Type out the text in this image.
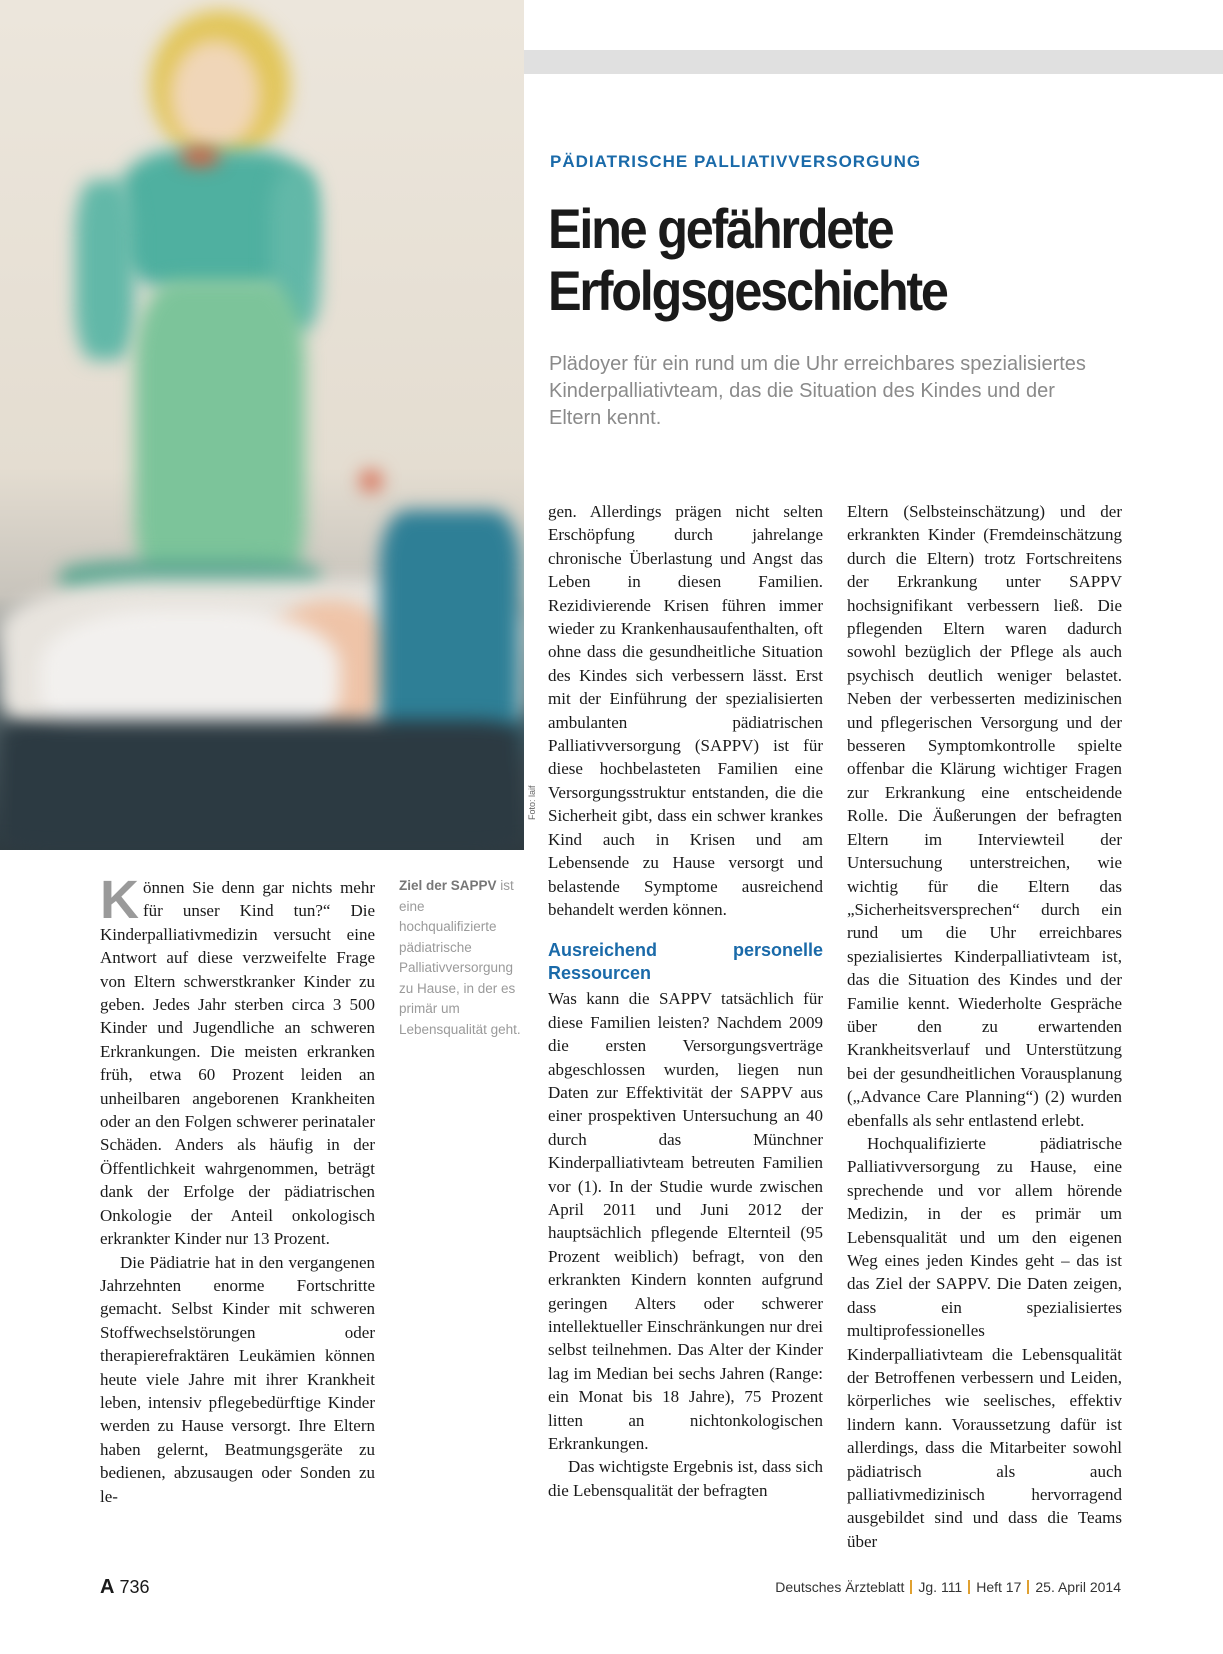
Foto: laif
PÄDIATRISCHE PALLIATIVVERSORGUNG
Eine gefährdete
Erfolgsgeschichte
Plädoyer für ein rund um die Uhr erreichbares spezialisiertes Kinderpalliativteam, das die Situation des Kindes und der Eltern kennt.

Können Sie denn gar nichts mehr für unser Kind tun?“ Die Kinderpalliativmedizin versucht eine Antwort auf diese verzweifelte Frage von Eltern schwerstkranker Kinder zu geben. Jedes Jahr sterben circa 3 500 Kinder und Jugendliche an schweren Erkrankungen. Die meisten erkranken früh, etwa 60 Prozent leiden an unheilbaren angeborenen Krankheiten oder an den Folgen schwerer perinataler Schäden. Anders als häufig in der Öffentlichkeit wahrgenommen, beträgt dank der Erfolge der pädiatrischen Onkologie der Anteil onkologisch erkrankter Kinder nur 13 Prozent.

Die Pädiatrie hat in den vergangenen Jahrzehnten enorme Fortschritte gemacht. Selbst Kinder mit schweren Stoffwechselstörungen oder therapierefraktären Leukämien können heute viele Jahre mit ihrer Krankheit leben, intensiv pflegebedürftige Kinder werden zu Hause versorgt. Ihre Eltern haben gelernt, Beatmungsgeräte zu bedienen, abzusaugen oder Sonden zu le-

Ziel der SAPPV ist eine hochqualifizierte pädiatrische Palliativversorgung zu Hause, in der es primär um Lebensqualität geht.

gen. Allerdings prägen nicht selten Erschöpfung durch jahrelange chronische Überlastung und Angst das Leben in diesen Familien. Rezidivierende Krisen führen immer wieder zu Krankenhausaufenthalten, oft ohne dass die gesundheitliche Situation des Kindes sich verbessern lässt. Erst mit der Einführung der spezialisierten ambulanten pädiatrischen Palliativversorgung (SAPPV) ist für diese hochbelasteten Familien eine Versorgungsstruktur entstanden, die die Sicherheit gibt, dass ein schwer krankes Kind auch in Krisen und am Lebensende zu Hause versorgt und belastende Symptome ausreichend behandelt werden können.

Ausreichend personelle Ressourcen

Was kann die SAPPV tatsächlich für diese Familien leisten? Nachdem 2009 die ersten Versorgungsverträge abgeschlossen wurden, liegen nun Daten zur Effektivität der SAPPV aus einer prospektiven Untersuchung an 40 durch das Münchner Kinderpalliativteam betreuten Familien vor (1). In der Studie wurde zwischen April 2011 und Juni 2012 der hauptsächlich pflegende Elternteil (95 Prozent weiblich) befragt, von den erkrankten Kindern konnten aufgrund geringen Alters oder schwerer intellektueller Einschränkungen nur drei selbst teilnehmen. Das Alter der Kinder lag im Median bei sechs Jahren (Range: ein Monat bis 18 Jahre), 75 Prozent litten an nichtonkologischen Erkrankungen.

Das wichtigste Ergebnis ist, dass sich die Lebensqualität der befragten

Eltern (Selbsteinschätzung) und der erkrankten Kinder (Fremdeinschätzung durch die Eltern) trotz Fortschreitens der Erkrankung unter SAPPV hochsignifikant verbessern ließ. Die pflegenden Eltern waren dadurch sowohl bezüglich der Pflege als auch psychisch deutlich weniger belastet. Neben der verbesserten medizinischen und pflegerischen Versorgung und der besseren Symptomkontrolle spielte offenbar die Klärung wichtiger Fragen zur Erkrankung eine entscheidende Rolle. Die Äußerungen der befragten Eltern im Interviewteil der Untersuchung unterstreichen, wie wichtig für die Eltern das „Sicherheitsversprechen“ durch ein rund um die Uhr erreichbares spezialisiertes Kinderpalliativteam ist, das die Situation des Kindes und der Familie kennt. Wiederholte Gespräche über den zu erwartenden Krankheitsverlauf und Unterstützung bei der gesundheitlichen Vorausplanung („Advance Care Planning“) (2) wurden ebenfalls als sehr entlastend erlebt.

Hochqualifizierte pädiatrische Palliativversorgung zu Hause, eine sprechende und vor allem hörende Medizin, in der es primär um Lebensqualität und um den eigenen Weg eines jeden Kindes geht – das ist das Ziel der SAPPV. Die Daten zeigen, dass ein spezialisiertes multiprofessionelles Kinderpalliativteam die Lebensqualität der Betroffenen verbessern und Leiden, körperliches wie seelisches, effektiv lindern kann. Voraussetzung dafür ist allerdings, dass die Mitarbeiter sowohl pädiatrisch als auch palliativmedizinisch hervorragend ausgebildet sind und dass die Teams über

A 736	Deutsches Ärzteblatt Jg. 111 Heft 17 25. April 2014
